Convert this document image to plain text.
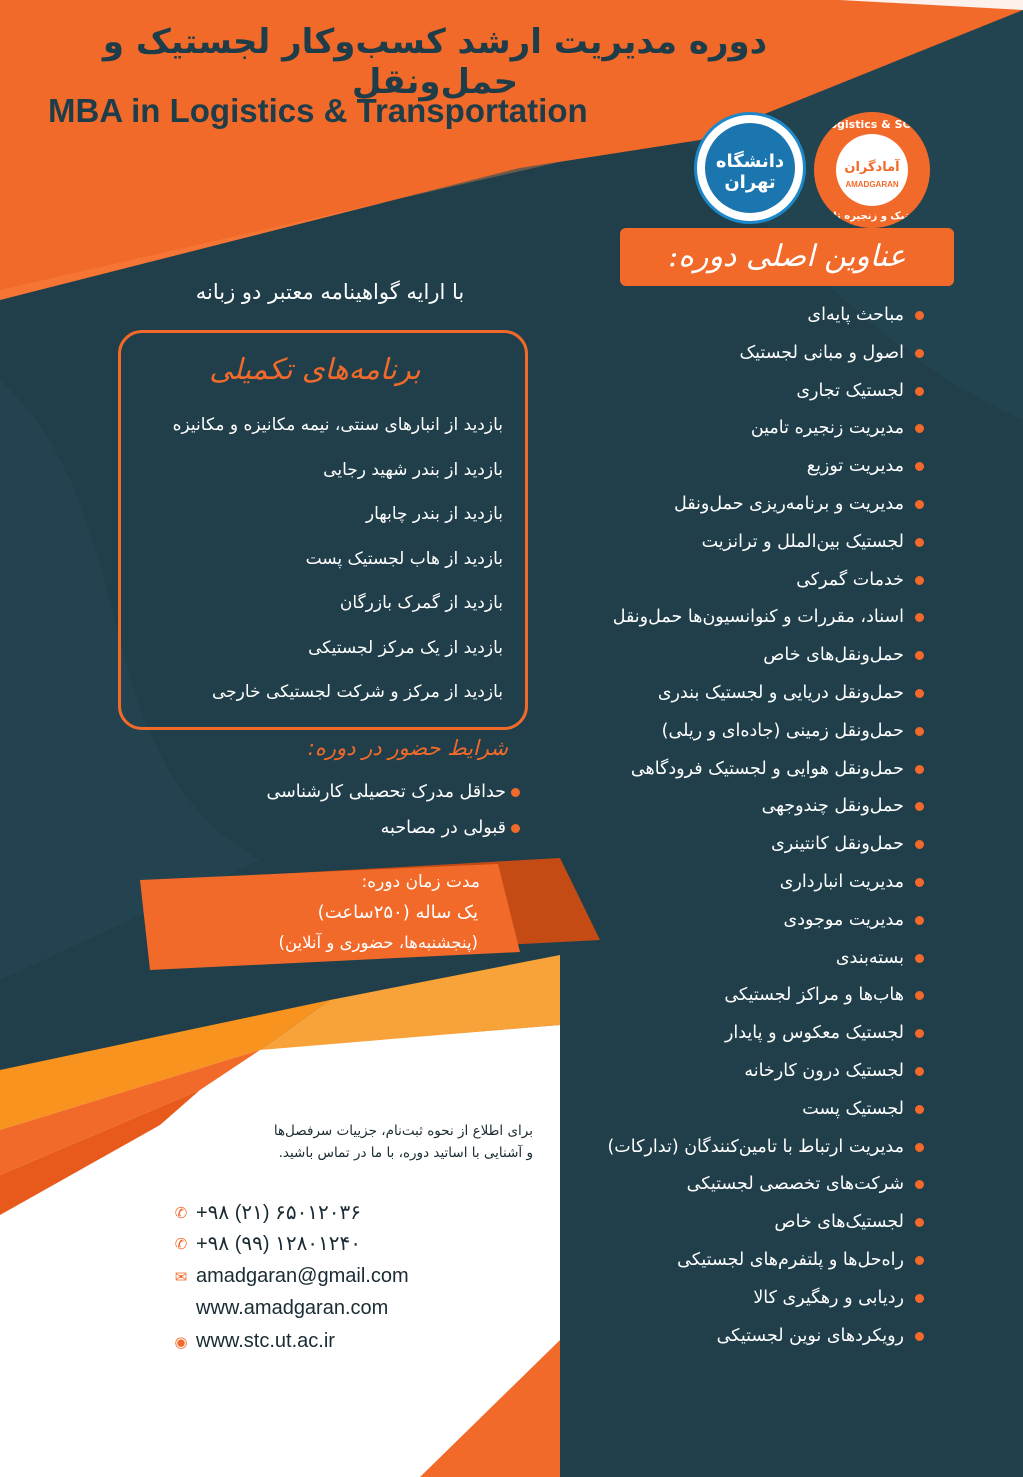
دوره مدیریت ارشد کسب‌وکار لجستیک و حمل‌ونقل
MBA in Logistics & Transportation
دانشگاه تهران
Logistics & SCM
آمادگران
AMADGARAN
لجستیک و زنجیره تامین
عناوین اصلی دوره:
مباحث پایه‌ای
اصول و مبانی لجستیک
لجستیک تجاری
مدیریت زنجیره تامین
مدیریت توزیع
مدیریت و برنامه‌ریزی حمل‌ونقل
لجستیک بین‌الملل و ترانزیت
خدمات گمرکی
اسناد، مقررات و کنوانسیون‌ها حمل‌ونقل
حمل‌ونقل‌های خاص
حمل‌ونقل دریایی و لجستیک بندری
حمل‌ونقل زمینی (جاده‌ای و ریلی)
حمل‌ونقل هوایی و لجستیک فرودگاهی
حمل‌ونقل چندوجهی
حمل‌ونقل کانتینری
مدیریت انبارداری
مدیریت موجودی
بسته‌بندی
هاب‌ها و مراکز لجستیکی
لجستیک معکوس و پایدار
لجستیک درون کارخانه
لجستیک پست
مدیریت ارتباط با تامین‌کنندگان (تدارکات)
شرکت‌های تخصصی لجستیکی
لجستیک‌های خاص
راه‌حل‌ها و پلتفرم‌های لجستیکی
ردیابی و رهگیری کالا
رویکردهای نوین لجستیکی
با ارایه گواهینامه معتبر دو زبانه
برنامه‌های تکمیلی
بازدید از انبارهای سنتی، نیمه مکانیزه و مکانیزه
بازدید از بندر شهید رجایی
بازدید از بندر چابهار
بازدید از هاب لجستیک پست
بازدید از گمرک بازرگان
بازدید از یک مرکز لجستیکی
بازدید از مرکز و شرکت لجستیکی خارجی
شرایط حضور در دوره:
حداقل مدرک تحصیلی کارشناسی
قبولی در مصاحبه
مدت زمان دوره:
یک ساله (۲۵۰ساعت)
(پنجشنبه‌ها، حضوری و آنلاین)
برای اطلاع از نحوه ثبت‌نام، جزییات سرفصل‌ها
و آشنایی با اساتید دوره، با ما در تماس باشید.
✆ +۹۸ (۲۱) ۶۵۰۱۲۰۳۶
✆ +۹۸ (۹۹) ۱۲۸۰۱۲۴۰
✉ amadgaran@gmail.com
www.amadgaran.com
◉ www.stc.ut.ac.ir
